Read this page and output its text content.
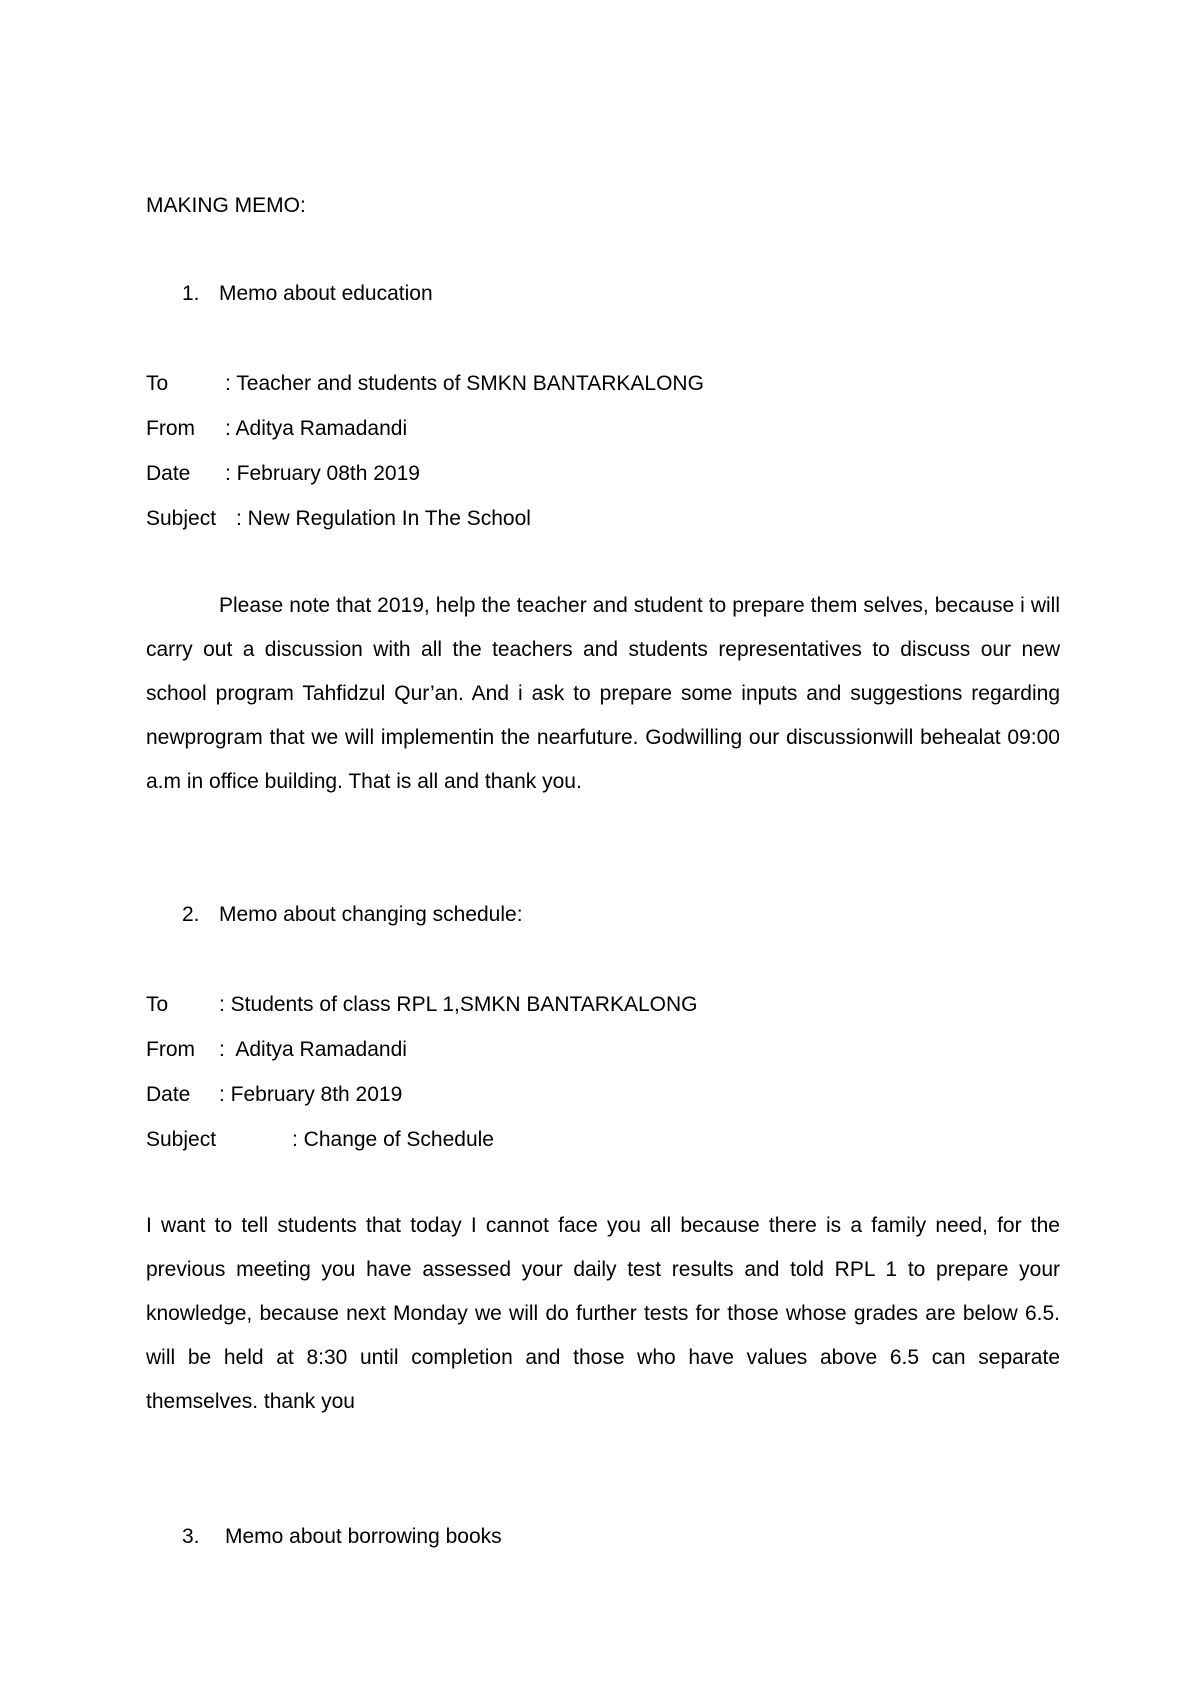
MAKING MEMO:
1. Memo about education
To	: Teacher and students of SMKN BANTARKALONG
From : Aditya Ramadandi
Date : February 08th 2019
Subject : New Regulation In The School
Please note that 2019, help the teacher and student to prepare them selves, because i will carry out a discussion with all the teachers and students representatives to discuss our new school program Tahfidzul Qur’an. And i ask to prepare some inputs and suggestions regarding newprogram that we will implementin the nearfuture. Godwilling our discussionwill behealat 09:00 a.m in office building. That is all and thank you.
2. Memo about changing schedule:
To : Students of class RPL 1,SMKN BANTARKALONG
From :  Aditya Ramadandi
Date : February 8th 2019
Subject	: Change of Schedule
I want to tell students that today I cannot face you all because there is a family need, for the previous meeting you have assessed your daily test results and told RPL 1 to prepare your knowledge, because next Monday we will do further tests for those whose grades are below 6.5. will be held at 8:30 until completion and those who have values above 6.5 can separate themselves. thank you
3. Memo about borrowing books
